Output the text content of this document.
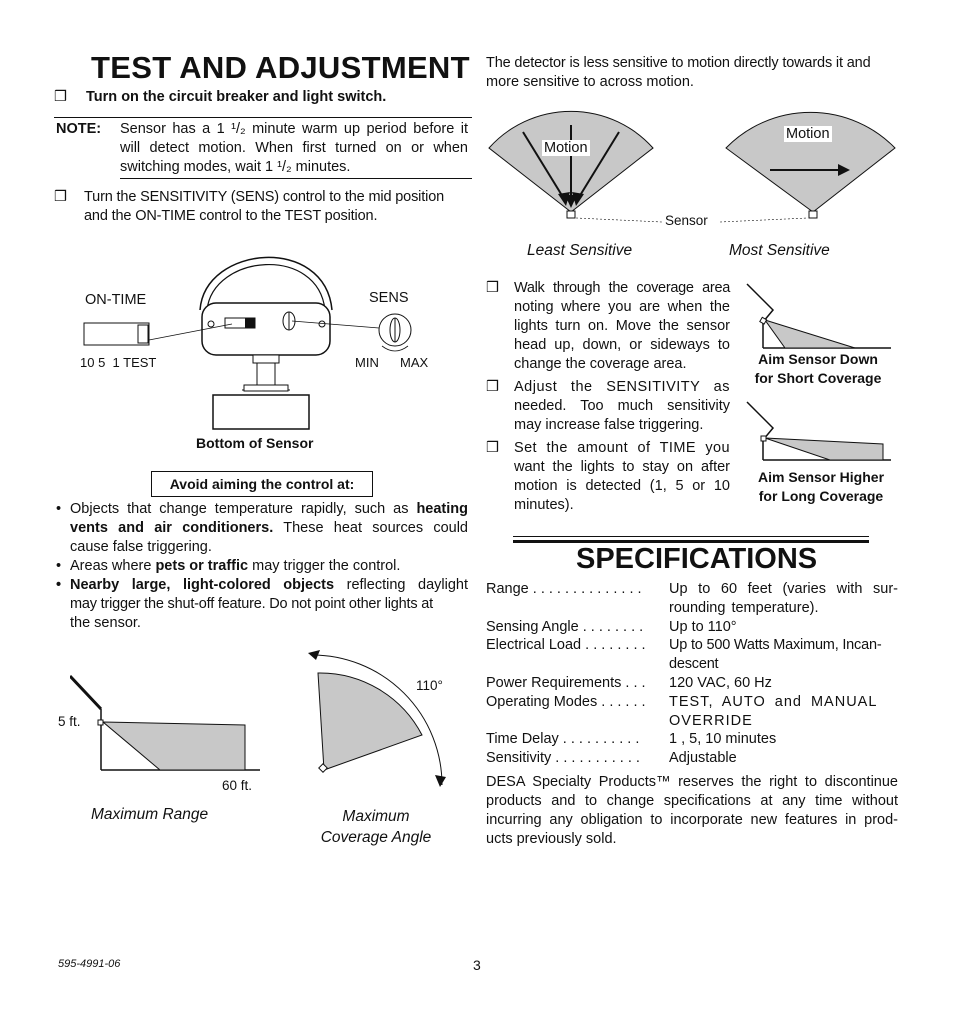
TEST AND ADJUSTMENT
❒ Turn on the circuit breaker and light switch.
NOTE: Sensor has a 1 ¹/₂ minute warm up period before it
will detect motion. When first turned on or when
switching modes, wait 1 ¹/₂ minutes.
❒ Turn the SENSITIVITY (SENS) control to the mid position
and the ON-TIME control to the TEST position.
ON-TIME
10 5  1 TEST
SENS
MIN MAX
Bottom of Sensor
Avoid aiming the control at:
• Objects that change temperature rapidly, such as heating
vents and air conditioners. These heat sources could
cause false triggering.
• Areas where pets or traffic may trigger the control.
• Nearby large, light-colored objects reflecting daylight
may trigger the shut-off feature. Do not point other lights at
the sensor.
5 ft.
60 ft.
Maximum Range
110°
Maximum
Coverage Angle
595-4991-06	3
The detector is less sensitive to motion directly towards it and
more sensitive to across motion.
Motion
Motion
Sensor
Least Sensitive	Most Sensitive
❒ Walk through the coverage area
noting where you are when the
lights turn on. Move the sensor
head up, down, or sideways to
change the coverage area.
❒ Adjust the SENSITIVITY as
needed. Too much sensitivity
may increase false triggering.
❒ Set the amount of TIME you
want the lights to stay on after
motion is detected (1, 5 or 10
minutes).
Aim Sensor Down
for Short Coverage
Aim Sensor Higher
for Long Coverage
SPECIFICATIONS
Range . . . . . . . . . . . . . .	Up to 60 feet (varies with sur-rounding temperature).
Sensing Angle . . . . . . . .	Up to 110°
Electrical Load . . . . . . . .	Up to 500 Watts Maximum, Incan-descent
Power Requirements . . .	120 VAC, 60 Hz
Operating Modes . . . . . .	TEST, AUTO and MANUAL OVERRIDE
Time Delay . . . . . . . . . .	1 , 5, 10 minutes
Sensitivity . . . . . . . . . . .	Adjustable
DESA Specialty Products™ reserves the right to discontinue
products and to change specifications at any time without
incurring any obligation to incorporate new features in prod-
ucts previously sold.
